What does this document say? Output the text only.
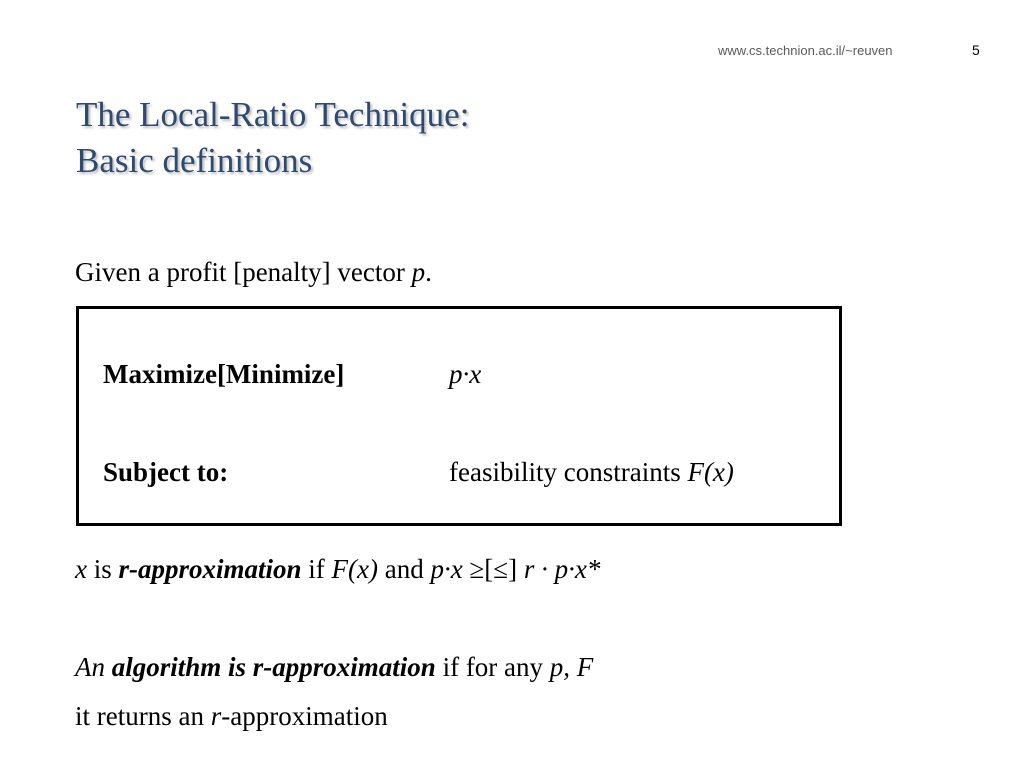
www.cs.technion.ac.il/~reuven	5
The Local-Ratio Technique:
Basic definitions
Given a profit [penalty] vector p.
Maximize[Minimize]	p·x
Subject to:	feasibility constraints F(x)
x is r-approximation if F(x) and p·x ≥[≤] r · p·x*
An algorithm is r-approximation if for any p, F
it returns an r-approximation
